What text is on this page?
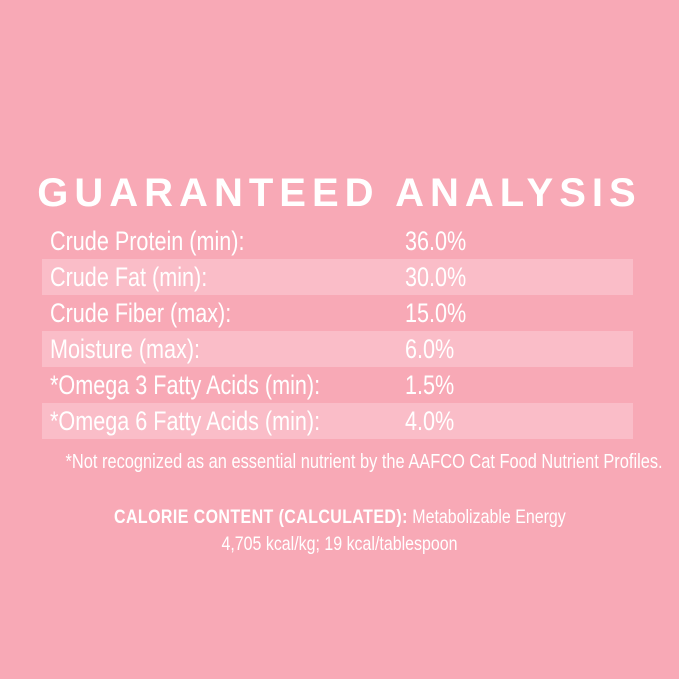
GUARANTEED ANALYSIS
Crude Protein (min):	36.0%
Crude Fat (min):	30.0%
Crude Fiber (max):	15.0%
Moisture (max):	6.0%
*Omega 3 Fatty Acids (min):	1.5%
*Omega 6 Fatty Acids (min):	4.0%
*Not recognized as an essential nutrient by the AAFCO Cat Food Nutrient Profiles.
CALORIE CONTENT (CALCULATED): Metabolizable Energy
4,705 kcal/kg; 19 kcal/tablespoon
